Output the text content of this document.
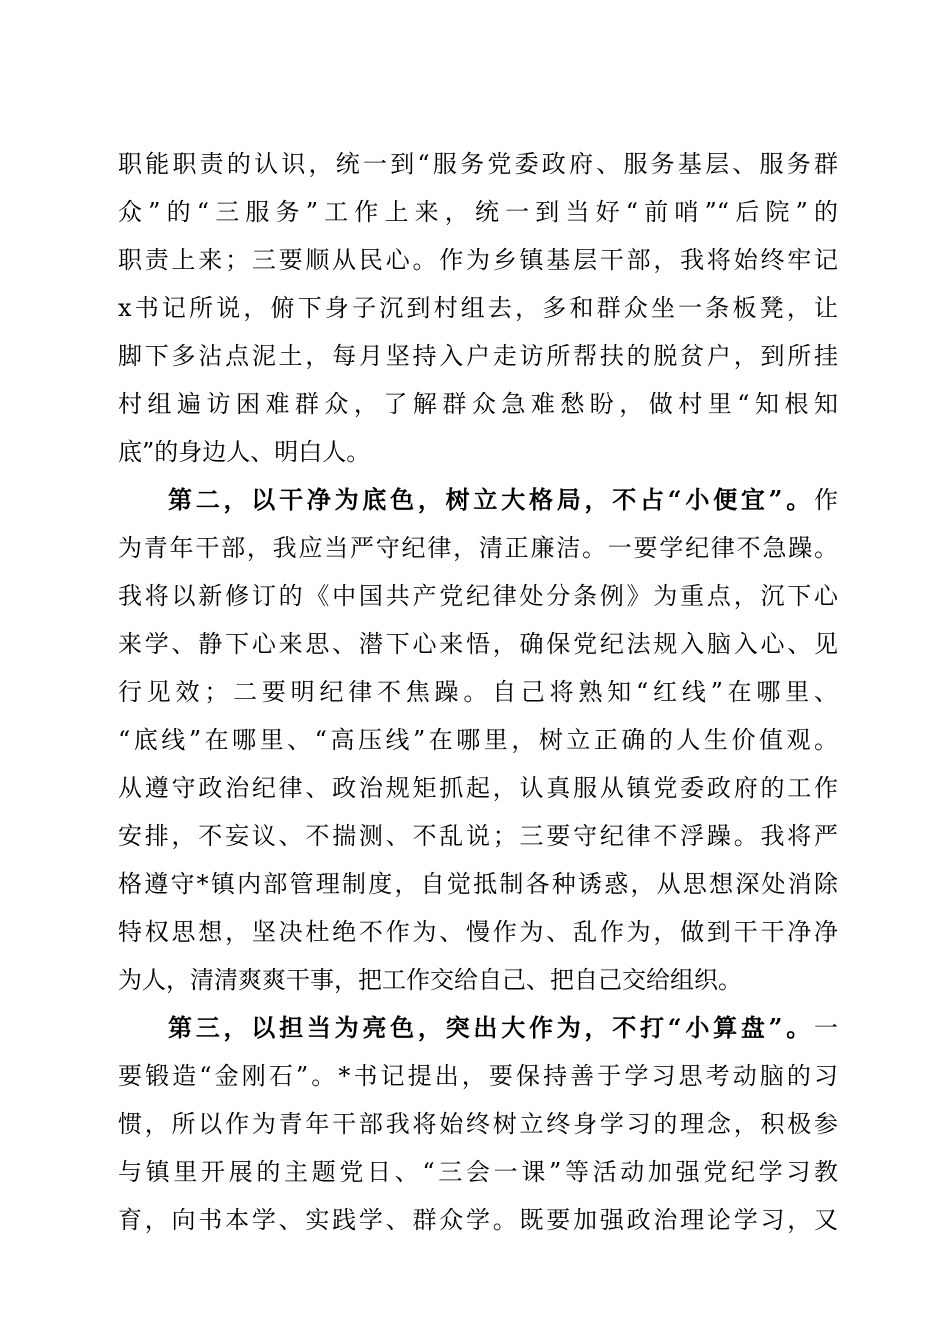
职能职责的认识，统一到“服务党委政府、服务基层、服务群
众”的“三服务”工作上来，统一到当好“前哨”“后院”的
职责上来；三要顺从民心。作为乡镇基层干部，我将始终牢记
x书记所说，俯下身子沉到村组去，多和群众坐一条板凳，让
脚下多沾点泥土，每月坚持入户走访所帮扶的脱贫户，到所挂
村组遍访困难群众，了解群众急难愁盼，做村里“知根知
底”的身边人、明白人。
第二，以干净为底色，树立大格局，不占“小便宜”。作
为青年干部，我应当严守纪律，清正廉洁。一要学纪律不急躁。
我将以新修订的《中国共产党纪律处分条例》为重点，沉下心
来学、静下心来思、潜下心来悟，确保党纪法规入脑入心、见
行见效；二要明纪律不焦躁。自己将熟知“红线”在哪里、
“底线”在哪里、“高压线”在哪里，树立正确的人生价值观。
从遵守政治纪律、政治规矩抓起，认真服从镇党委政府的工作
安排，不妄议、不揣测、不乱说；三要守纪律不浮躁。我将严
格遵守*镇内部管理制度，自觉抵制各种诱惑，从思想深处消除
特权思想，坚决杜绝不作为、慢作为、乱作为，做到干干净净
为人，清清爽爽干事，把工作交给自己、把自己交给组织。
第三，以担当为亮色，突出大作为，不打“小算盘”。一
要锻造“金刚石”。*书记提出，要保持善于学习思考动脑的习
惯，所以作为青年干部我将始终树立终身学习的理念，积极参
与镇里开展的主题党日、“三会一课”等活动加强党纪学习教
育，向书本学、实践学、群众学。既要加强政治理论学习，又
